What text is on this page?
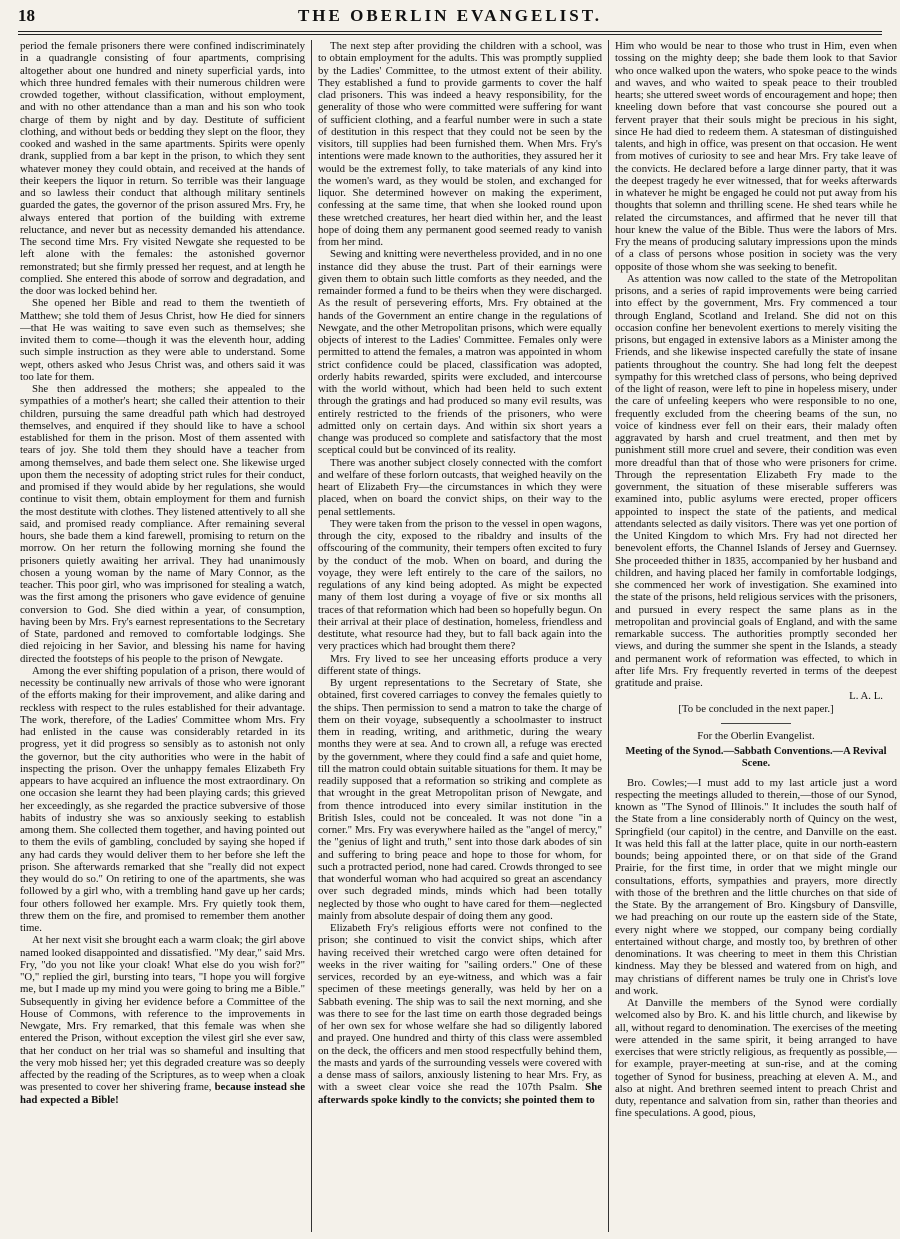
18	THE OBERLIN EVANGELIST.

period the female prisoners there were confined indiscriminately in a quadrangle consisting of four apartments, comprising altogether about one hundred and ninety superficial yards, into which three hundred females with their numerous children were crowded together, without classification, without employment, and with no other attendance than a man and his son who took charge of them by night and by day. Destitute of sufficient clothing, and without beds or bedding they slept on the floor, they cooked and washed in the same apartments. Spirits were openly drank, supplied from a bar kept in the prison, to which they sent whatever money they could obtain, and received at the hands of their keepers the liquor in return. So terrible was their language and so lawless their conduct that although military sentinels guarded the gates, the governor of the prison assured Mrs. Fry, he always entered that portion of the building with extreme reluctance, and never but as necessity demanded his attendance. The second time Mrs. Fry visited Newgate she requested to be left alone with the females: the astonished governor remonstrated; but she firmly pressed her request, and at length he complied. She entered this abode of sorrow and degradation, and the door was locked behind her.

She opened her Bible and read to them the twentieth of Matthew; she told them of Jesus Christ, how He died for sinners—that He was waiting to save even such as themselves; she invited them to come—though it was the eleventh hour, adding such simple instruction as they were able to understand. Some wept, others asked who Jesus Christ was, and others said it was too late for them.

She then addressed the mothers; she appealed to the sympathies of a mother's heart; she called their attention to their children, pursuing the same dreadful path which had destroyed themselves, and enquired if they should like to have a school established for them in the prison. Most of them assented with tears of joy. She told them they should have a teacher from among themselves, and bade them select one. She likewise urged upon them the necessity of adopting strict rules for their conduct, and promised if they would abide by her regulations, she would continue to visit them, obtain employment for them and furnish the most destitute with clothes. They listened attentively to all she said, and promised ready compliance. After remaining several hours, she bade them a kind farewell, promising to return on the morrow. On her return the following morning she found the prisoners quietly awaiting her arrival. They had unanimously chosen a young woman by the name of Mary Connor, as the teacher. This poor girl, who was imprisoned for stealing a watch, was the first among the prisoners who gave evidence of genuine conversion to God. She died within a year, of consumption, having been by Mrs. Fry's earnest representations to the Secretary of State, pardoned and removed to comfortable lodgings. She died rejoicing in her Savior, and blessing his name for having directed the footsteps of his people to the prison of Newgate.

Among the ever shifting population of a prison, there would of necessity be continually new arrivals of those who were ignorant of the efforts making for their improvement, and alike daring and reckless with respect to the rules established for their advantage. The work, therefore, of the Ladies' Committee whom Mrs. Fry had enlisted in the cause was considerably retarded in its progress, yet it did progress so sensibly as to astonish not only the governor, but the city authorities who were in the habit of inspecting the prison. Over the unhappy females Elizabeth Fry appears to have acquired an influence the most extraordinary. On one occasion she learnt they had been playing cards; this grieved her exceedingly, as she regarded the practice subversive of those habits of industry she was so anxiously seeking to establish among them. She collected them together, and having pointed out to them the evils of gambling, concluded by saying she hoped if any had cards they would deliver them to her before she left the prison. She afterwards remarked that she "really did not expect they would do so." On retiring to one of the apartments, she was followed by a girl who, with a trembling hand gave up her cards; four others followed her example. Mrs. Fry quietly took them, threw them on the fire, and promised to remember them another time.

At her next visit she brought each a warm cloak; the girl above named looked disappointed and dissatisfied. "My dear," said Mrs. Fry, "do you not like your cloak! What else do you wish for?" "O," replied the girl, bursting into tears, "I hope you will forgive me, but I made up my mind you were going to bring me a Bible." Subsequently in giving her evidence before a Committee of the House of Commons, with reference to the improvements in Newgate, Mrs. Fry remarked, that this female was when she entered the Prison, without exception the vilest girl she ever saw, that her conduct on her trial was so shameful and insulting that the very mob hissed her; yet this degraded creature was so deeply affected by the reading of the Scriptures, as to weep when a cloak was presented to cover her shivering frame, because instead she had expected a Bible!

The next step after providing the children with a school, was to obtain employment for the adults. This was promptly supplied by the Ladies' Committee, to the utmost extent of their ability. They established a fund to provide garments to cover the half clad prisoners. This was indeed a heavy responsibility, for the generality of those who were committed were suffering for want of sufficient clothing, and a fearful number were in such a state of destitution in this respect that they could not be seen by the visitors, till supplies had been furnished them. When Mrs. Fry's intentions were made known to the authorities, they assured her it would be the extremest folly, to take materials of any kind into the women's ward, as they would be stolen, and exchanged for liquor. She determined however on making the experiment, confessing at the same time, that when she looked round upon these wretched creatures, her heart died within her, and the least hope of doing them any permanent good seemed ready to vanish from her mind.

Sewing and knitting were nevertheless provided, and in no one instance did they abuse the trust. Part of their earnings were given them to obtain such little comforts as they needed, and the remainder formed a fund to be theirs when they were discharged. As the result of persevering efforts, Mrs. Fry obtained at the hands of the Government an entire change in the regulations of Newgate, and the other Metropolitan prisons, which were equally objects of interest to the Ladies' Committee. Females only were permitted to attend the females, a matron was appointed in whom strict confidence could be placed, classification was adopted, orderly habits rewarded, spirits were excluded, and intercourse with the world without, which had been held to such extent through the gratings and had produced so many evil results, was entirely restricted to the friends of the prisoners, who were admitted only on certain days. And within six short years a change was produced so complete and satisfactory that the most sceptical could but be convinced of its reality.

There was another subject closely connected with the comfort and welfare of these forlorn outcasts, that weighed heavily on the heart of Elizabeth Fry—the circumstances in which they were placed, when on board the convict ships, on their way to the penal settlements.

They were taken from the prison to the vessel in open wagons, through the city, exposed to the ribaldry and insults of the offscouring of the community, their tempers often excited to fury by the conduct of the mob. When on board, and during the voyage, they were left entirely to the care of the sailors, no regulations of any kind being adopted. As might be expected many of them lost during a voyage of five or six months all traces of that reformation which had been so hopefully begun. On their arrival at their place of destination, homeless, friendless and destitute, what resource had they, but to fall back again into the very practices which had brought them there?

Mrs. Fry lived to see her unceasing efforts produce a very different state of things.

By urgent representations to the Secretary of State, she obtained, first covered carriages to convey the females quietly to the ships. Then permission to send a matron to take the charge of them on their voyage, subsequently a schoolmaster to instruct them in reading, writing, and arithmetic, during the weary months they were at sea. And to crown all, a refuge was erected by the government, where they could find a safe and quiet home, till the matron could obtain suitable situations for them. It may be readily supposed that a reformation so striking and complete as that wrought in the great Metropolitan prison of Newgate, and from thence introduced into every similar institution in the British Isles, could not be concealed. It was not done "in a corner." Mrs. Fry was everywhere hailed as the "angel of mercy," the "genius of light and truth," sent into those dark abodes of sin and suffering to bring peace and hope to those for whom, for such a protracted period, none had cared. Crowds thronged to see that wonderful woman who had acquired so great an ascendancy over such degraded minds, minds which had been totally neglected by those who ought to have cared for them—neglected mainly from absolute despair of doing them any good.

Elizabeth Fry's religious efforts were not confined to the prison; she continued to visit the convict ships, which after having received their wretched cargo were often detained for weeks in the river waiting for "sailing orders." One of these services, recorded by an eye-witness, and which was a fair specimen of these meetings generally, was held by her on a Sabbath evening. The ship was to sail the next morning, and she was there to see for the last time on earth those degraded beings of her own sex for whose welfare she had so diligently labored and prayed. One hundred and thirty of this class were assembled on the deck, the officers and men stood respectfully behind them, the masts and yards of the surrounding vessels were covered with a dense mass of sailors, anxiously listening to hear Mrs. Fry, as with a sweet clear voice she read the 107th Psalm. She afterwards spoke kindly to the convicts; she pointed them to

Him who would be near to those who trust in Him, even when tossing on the mighty deep; she bade them look to that Savior who once walked upon the waters, who spoke peace to the winds and waves, and who waited to speak peace to their troubled hearts; she uttered sweet words of encouragement and hope; then kneeling down before that vast concourse she poured out a fervent prayer that their souls might be precious in his sight, since He had died to redeem them. A statesman of distinguished talents, and high in office, was present on that occasion. He went from motives of curiosity to see and hear Mrs. Fry take leave of the convicts. He declared before a large dinner party, that it was the deepest tragedy he ever witnessed, that for weeks afterwards in whatever he might be engaged he could not put away from his thoughts that solemn and thrilling scene. He shed tears while he related the circumstances, and affirmed that he never till that hour knew the value of the Bible. Thus were the labors of Mrs. Fry the means of producing salutary impressions upon the minds of a class of persons whose position in society was the very opposite of those whom she was seeking to benefit.

As attention was now called to the state of the Metropolitan prisons, and a series of rapid improvements were being carried into effect by the government, Mrs. Fry commenced a tour through England, Scotland and Ireland. She did not on this occasion confine her benevolent exertions to merely visiting the prisons, but engaged in extensive labors as a Minister among the Friends, and she likewise inspected carefully the state of insane patients throughout the country. She had long felt the deepest sympathy for this wretched class of persons, who being deprived of the light of reason, were left to pine in hopeless misery, under the care of unfeeling keepers who were responsible to no one, frequently excluded from the cheering beams of the sun, no voice of kindness ever fell on their ears, their malady often aggravated by harsh and cruel treatment, and then met by punishment still more cruel and severe, their condition was even more dreadful than that of those who were prisoners for crime. Through the representation Elizabeth Fry made to the government, the situation of these miserable sufferers was examined into, public asylums were erected, proper officers appointed to inspect the state of the patients, and medical attendants selected as daily visitors. There was yet one portion of the United Kingdom to which Mrs. Fry had not directed her benevolent efforts, the Channel Islands of Jersey and Guernsey. She proceeded thither in 1835, accompanied by her husband and children, and having placed her family in comfortable lodgings, she commenced her work of investigation. She examined into the state of the prisons, held religious services with the prisoners, and pursued in every respect the same plans as in the metropolitan and provincial goals of England, and with the same remarkable success. The authorities promptly seconded her views, and during the summer she spent in the Islands, a steady and permanent work of reformation was effected, to which in after life Mrs. Fry frequently reverted in terms of the deepest gratitude and praise.

L. A. L.

[To be concluded in the next paper.]

For the Oberlin Evangelist.

Meeting of the Synod.—Sabbath Conventions.—A Revival Scene.

Bro. Cowles;—I must add to my last article just a word respecting the meetings alluded to therein,—those of our Synod, known as "The Synod of Illinois." It includes the south half of the State from a line considerably north of Quincy on the west, Springfield (our capitol) in the centre, and Danville on the east. It was held this fall at the latter place, quite in our north-eastern bounds; being appointed there, or on that side of the Grand Prairie, for the first time, in order that we might mingle our consultations, efforts, sympathies and prayers, more directly with those of the brethren and the little churches on that side of the State. By the arrangement of Bro. Kingsbury of Dansville, we had preaching on our route up the eastern side of the State, every night where we stopped, our company being cordially entertained without charge, and mostly too, by brethren of other denominations. It was cheering to meet in them this Christian kindness. May they be blessed and watered from on high, and may christians of different names be truly one in Christ's love and work.

At Danville the members of the Synod were cordially welcomed also by Bro. K. and his little church, and likewise by all, without regard to denomination. The exercises of the meeting were attended in the same spirit, it being arranged to have exercises that were strictly religious, as frequently as possible,—for example, prayer-meeting at sun-rise, and at the coming together of Synod for business, preaching at eleven A. M., and also at night. And brethren seemed intent to preach Christ and duty, repentance and salvation from sin, rather than theories and fine speculations. A good, pious,
